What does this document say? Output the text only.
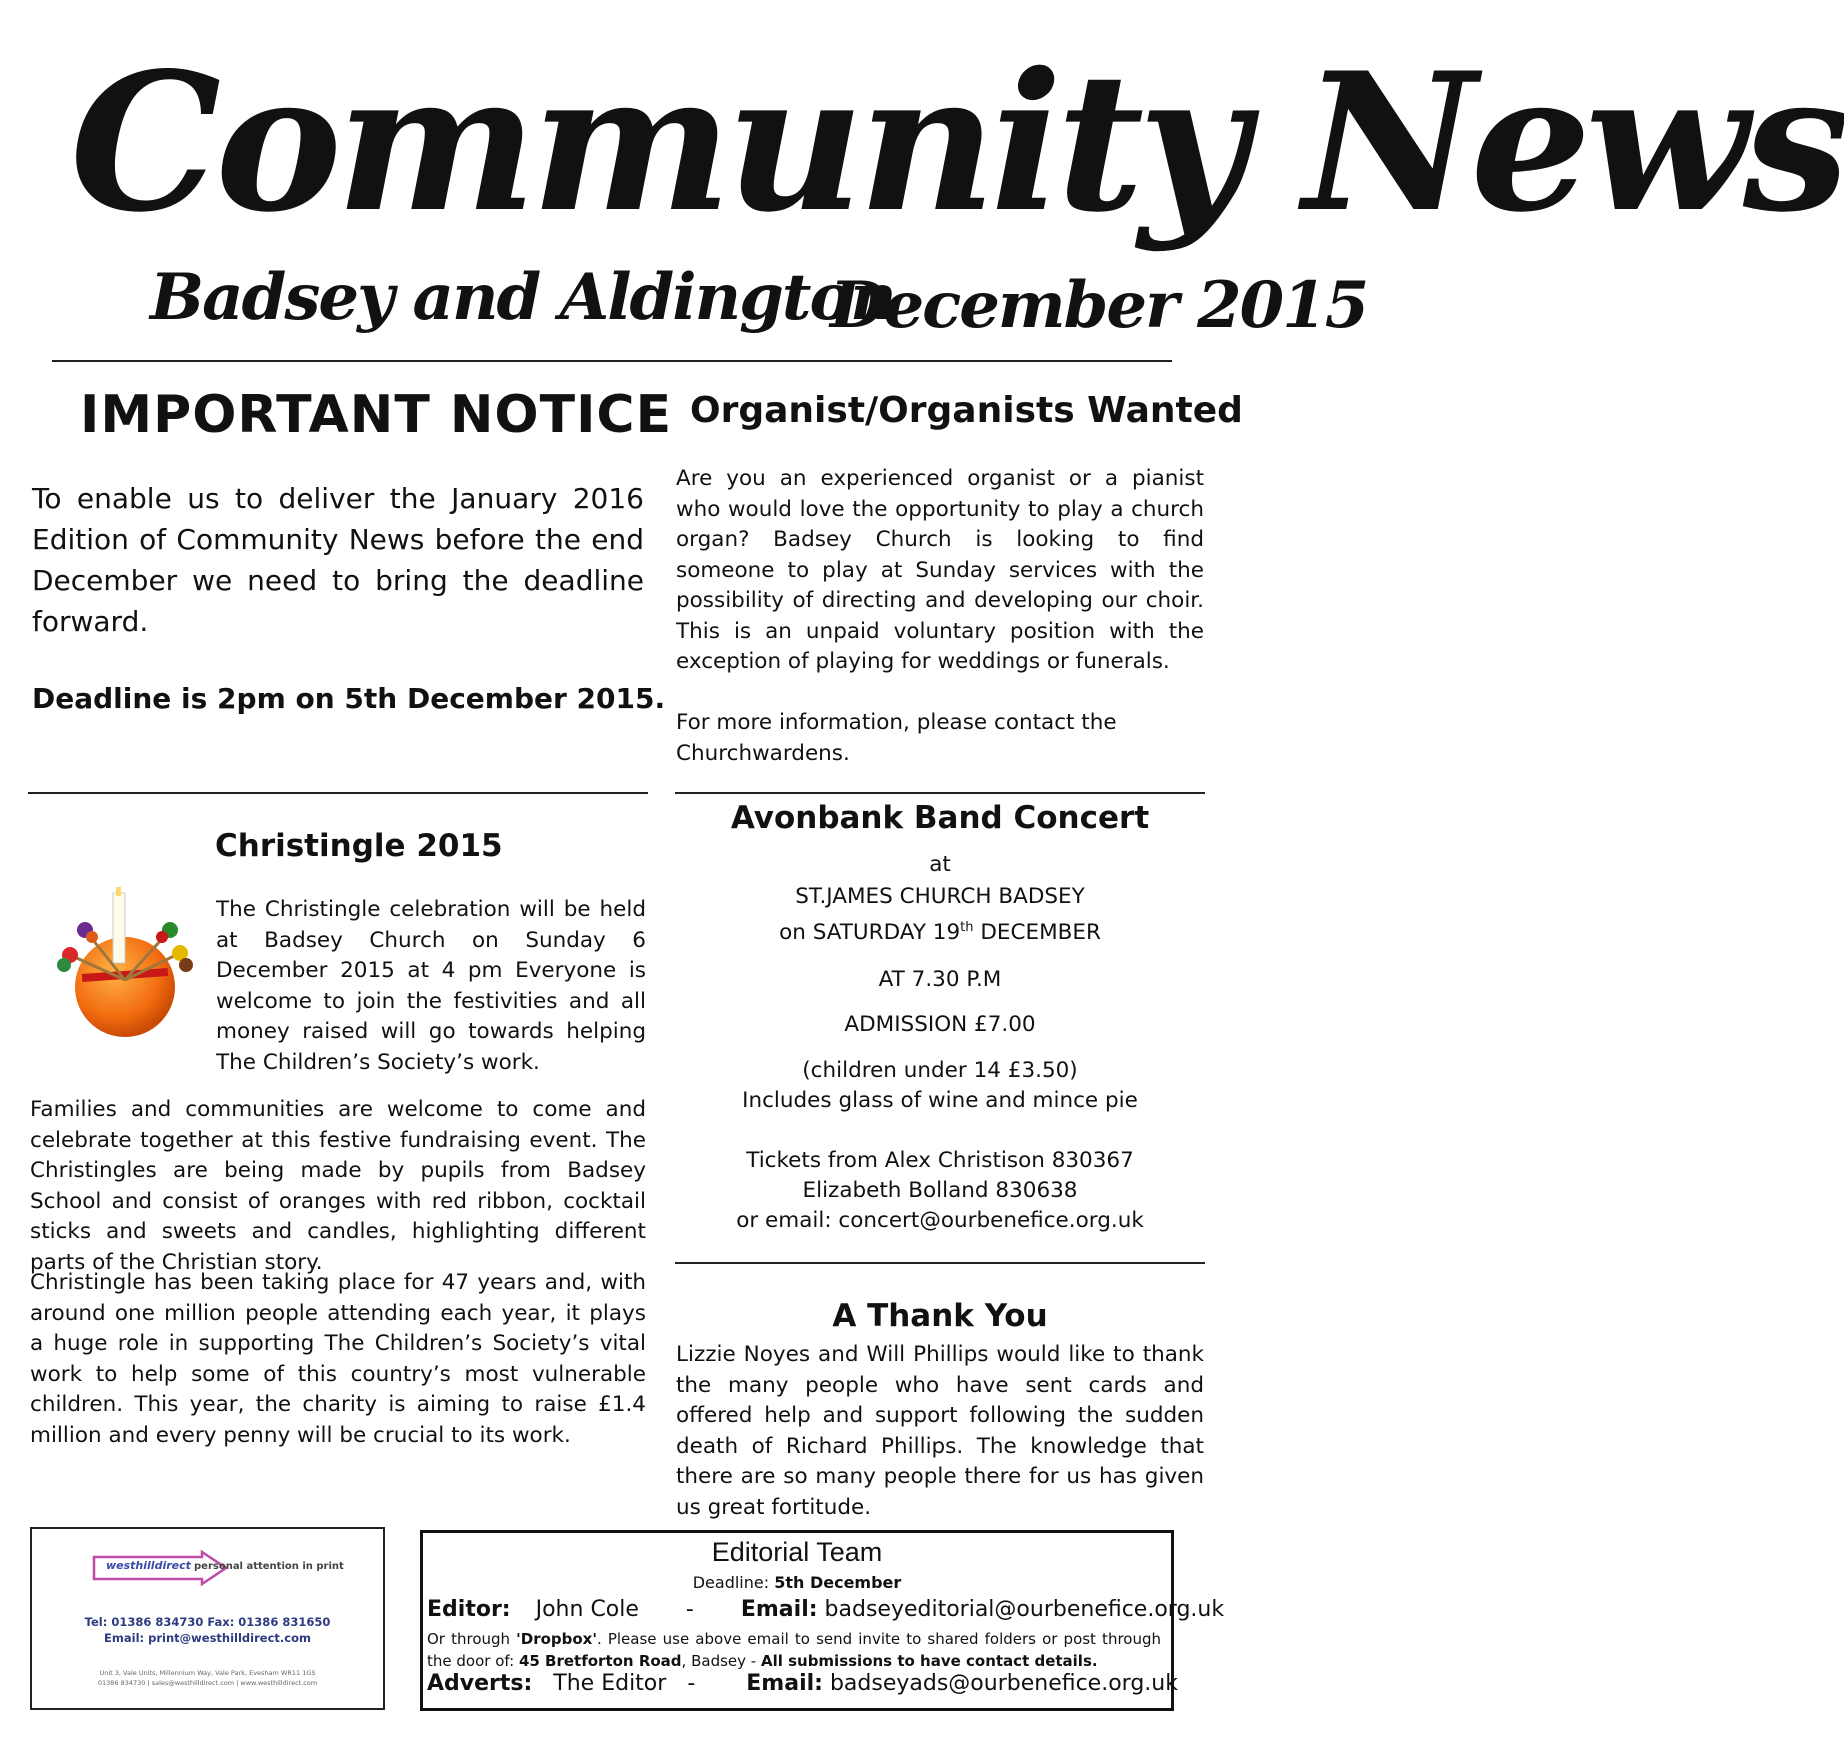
Community News
Badsey and Aldington
December 2015
IMPORTANT NOTICE
To enable us to deliver the January 2016 Edition of Community News before the end December we need to bring the deadline forward.
Deadline is 2pm on 5th December 2015.
Organist/Organists Wanted
Are you an experienced organist or a pianist who would love the opportunity to play a church organ? Badsey Church is looking to find someone to play at Sunday services with the possibility of directing and developing our choir. This is an unpaid voluntary position with the exception of playing for weddings or funerals.
For more information, please contact the Churchwardens.
Christingle 2015
The Christingle celebration will be held at Badsey Church on Sunday 6 December 2015 at 4 pm Everyone is welcome to join the festivities and all money raised will go towards helping The Children’s Society’s work.
Families and communities are welcome to come and celebrate together at this festive fundraising event. The Christingles are being made by pupils from Badsey School and consist of oranges with red ribbon, cocktail sticks and sweets and candles, highlighting different parts of the Christian story.
Christingle has been taking place for 47 years and, with around one million people attending each year, it plays a huge role in supporting The Children’s Society’s vital work to help some of this country’s most vulnerable children. This year, the charity is aiming to raise £1.4 million and every penny will be crucial to its work.
Avonbank Band Concert
at
ST.JAMES CHURCH BADSEY
on SATURDAY 19th DECEMBER
AT 7.30 P.M
ADMISSION £7.00
(children under 14 £3.50)
Includes glass of wine and mince pie
Tickets from Alex Christison 830367
Elizabeth Bolland 830638
or email: concert@ourbenefice.org.uk
A Thank You
Lizzie Noyes and Will Phillips would like to thank the many people who have sent cards and offered help and support following the sudden death of Richard Phillips. The knowledge that there are so many people there for us has given us great fortitude.
westhilldirect personal attention in print
Tel: 01386 834730 Fax: 01386 831650
Email: print@westhilldirect.com
Unit 3, Vale Units, Millennium Way, Vale Park, Evesham WR11 1GS
01386 834730 | sales@westhilldirect.com | www.westhilldirect.com
Editorial Team
Deadline: 5th December
Editor: John Cole - Email: badseyeditorial@ourbenefice.org.uk
Or through 'Dropbox'. Please use above email to send invite to shared folders or post through the door of: 45 Bretforton Road, Badsey - All submissions to have contact details.
Adverts: The Editor - Email: badseyads@ourbenefice.org.uk
